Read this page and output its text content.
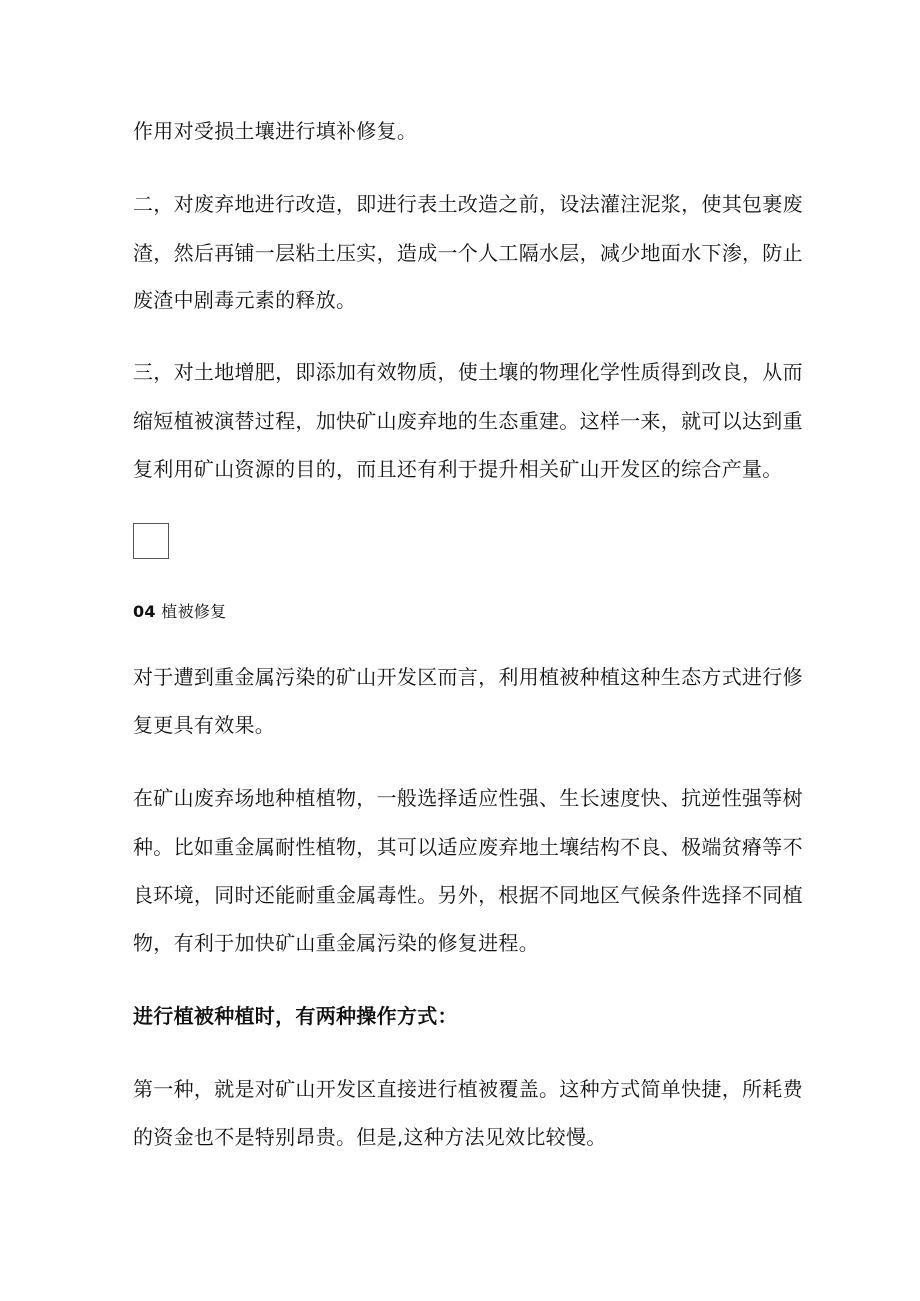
作用对受损土壤进行填补修复。
二，对废弃地进行改造，即进行表土改造之前，设法灌注泥浆，使其包裹废
渣，然后再铺一层粘土压实，造成一个人工隔水层，减少地面水下渗，防止
废渣中剧毒元素的释放。
三，对土地增肥，即添加有效物质，使土壤的物理化学性质得到改良，从而
缩短植被演替过程，加快矿山废弃地的生态重建。这样一来，就可以达到重
复利用矿山资源的目的，而且还有利于提升相关矿山开发区的综合产量。
04 植被修复
对于遭到重金属污染的矿山开发区而言，利用植被种植这种生态方式进行修
复更具有效果。
在矿山废弃场地种植植物，一般选择适应性强、生长速度快、抗逆性强等树
种。比如重金属耐性植物，其可以适应废弃地土壤结构不良、极端贫瘠等不
良环境，同时还能耐重金属毒性。另外，根据不同地区气候条件选择不同植
物，有利于加快矿山重金属污染的修复进程。
进行植被种植时，有两种操作方式：
第一种，就是对矿山开发区直接进行植被覆盖。这种方式简单快捷，所耗费
的资金也不是特别昂贵。但是,这种方法见效比较慢。
